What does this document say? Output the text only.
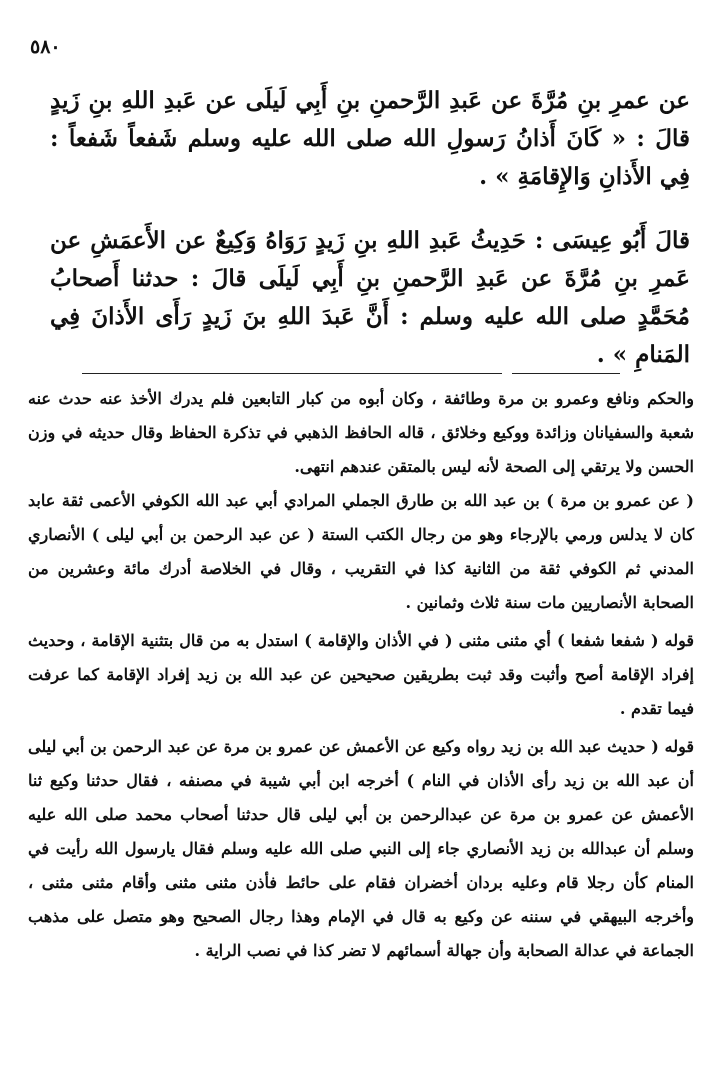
٥٨٠

عن عمرِ بنِ مُرَّةَ عن عَبدِ الرَّحمنِ بنِ أَبِي لَيلَى عن عَبدِ اللهِ بنِ زَيدٍ قالَ : « كَانَ أَذانُ رَسولِ الله صلى الله عليه وسلم شَفعاً شَفعاً : فِي الأَذانِ وَالإِقامَةِ » .

قالَ أَبُو عِيسَى : حَدِيثُ عَبدِ اللهِ بنِ زَيدٍ رَوَاهُ وَكِيعٌ عن الأَعمَشِ عن عَمرِ بنِ مُرَّةَ عن عَبدِ الرَّحمنِ بنِ أَبِي لَيلَى قالَ : حدثنا أَصحابُ مُحَمَّدٍ صلى الله عليه وسلم : أَنَّ عَبدَ اللهِ بنَ زَيدٍ رَأَى الأَذانَ فِي المَنامِ » .

والحكم ونافع وعمرو بن مرة وطائفة ، وكان أبوه من كبار التابعين فلم يدرك الأخذ عنه حدث عنه شعبة والسفيانان وزائدة ووكيع وخلائق ، قاله الحافظ الذهبي في تذكرة الحفاظ وقال حديثه في وزن الحسن ولا يرتقي إلى الصحة لأنه ليس بالمتقن عندهم انتهى.

( عن عمرو بن مرة ) بن عبد الله بن طارق الجملي المرادي أبي عبد الله الكوفي الأعمى ثقة عابد كان لا يدلس ورمي بالإرجاء وهو من رجال الكتب الستة ( عن عبد الرحمن بن أبي ليلى ) الأنصاري المدني ثم الكوفي ثقة من الثانية كذا في التقريب ، وقال في الخلاصة أدرك مائة وعشرين من الصحابة الأنصاريين مات سنة ثلاث وثمانين .

قوله ( شفعا شفعا ) أي مثنى مثنى ( في الأذان والإقامة ) استدل به من قال بتثنية الإقامة ، وحديث إفراد الإقامة أصح وأثبت وقد ثبت بطريقين صحيحين عن عبد الله بن زيد إفراد الإقامة كما عرفت فيما تقدم .

قوله ( حديث عبد الله بن زيد رواه وكيع عن الأعمش عن عمرو بن مرة عن عبد الرحمن بن أبي ليلى أن عبد الله بن زيد رأى الأذان في النام ) أخرجه ابن أبي شيبة في مصنفه ، فقال حدثنا وكيع ثنا الأعمش عن عمرو بن مرة عن عبدالرحمن بن أبي ليلى قال حدثنا أصحاب محمد صلى الله عليه وسلم أن عبدالله بن زيد الأنصاري جاء إلى النبي صلى الله عليه وسلم فقال يارسول الله رأيت في المنام كأن رجلا قام وعليه بردان أخضران فقام على حائط فأذن مثنى مثنى وأقام مثنى مثنى ، وأخرجه البيهقي في سننه عن وكيع به قال في الإمام وهذا رجال الصحيح وهو متصل على مذهب الجماعة في عدالة الصحابة وأن جهالة أسمائهم لا تضر كذا في نصب الراية .
